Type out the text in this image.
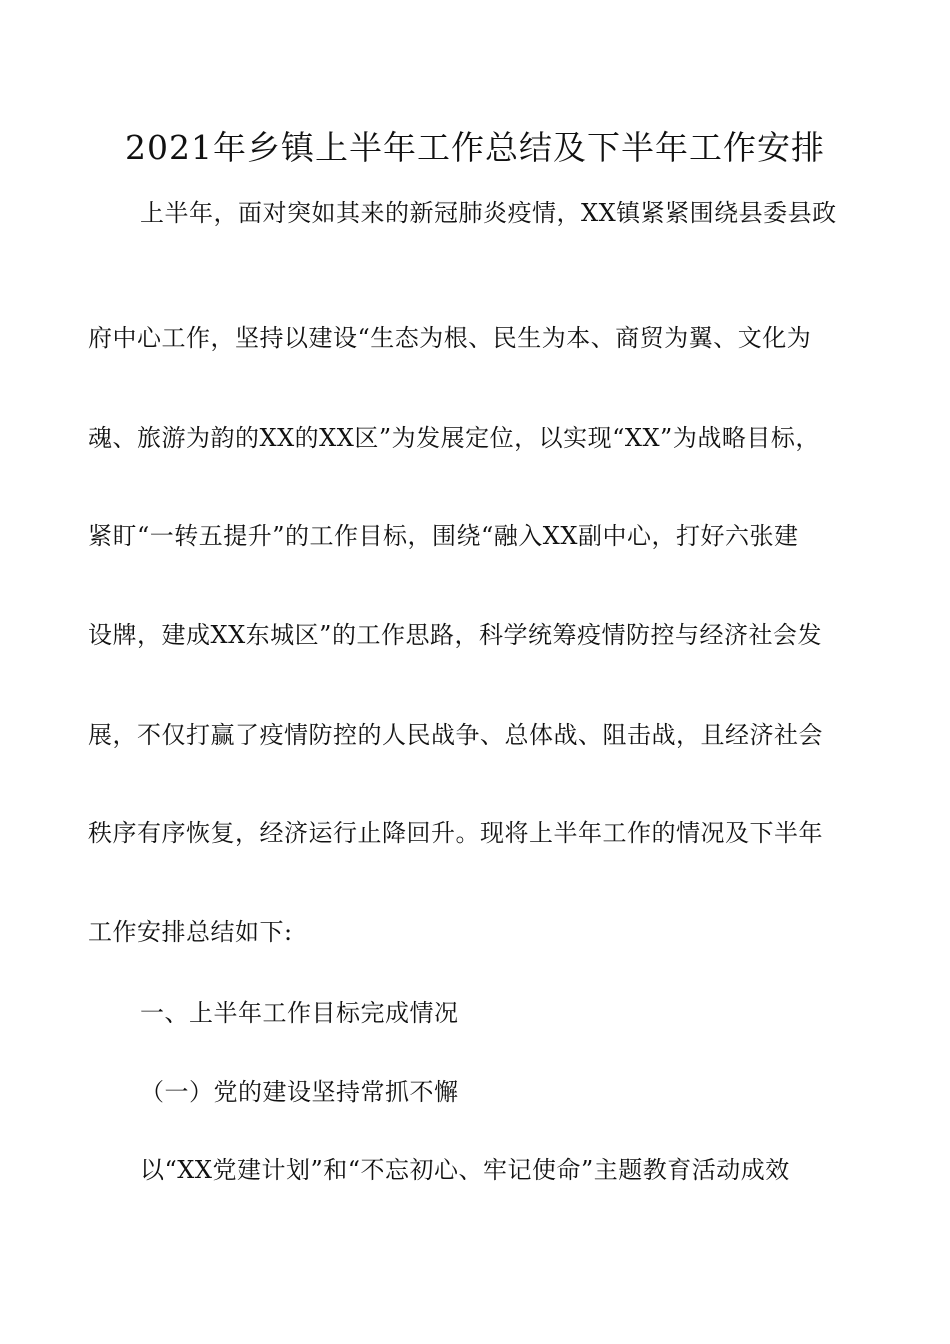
2021年乡镇上半年工作总结及下半年工作安排
上半年，面对突如其来的新冠肺炎疫情，XX镇紧紧围绕县委县政
府中心工作，坚持以建设“生态为根、民生为本、商贸为翼、文化为
魂、旅游为韵的XX的XX区”为发展定位，以实现“XX”为战略目标，
紧盯“一转五提升”的工作目标，围绕“融入XX副中心，打好六张建
设牌，建成XX东城区”的工作思路，科学统筹疫情防控与经济社会发
展，不仅打赢了疫情防控的人民战争、总体战、阻击战，且经济社会
秩序有序恢复，经济运行止降回升。现将上半年工作的情况及下半年
工作安排总结如下:
一、上半年工作目标完成情况
（一）党的建设坚持常抓不懈
以“XX党建计划”和“不忘初心、牢记使命”主题教育活动成效
